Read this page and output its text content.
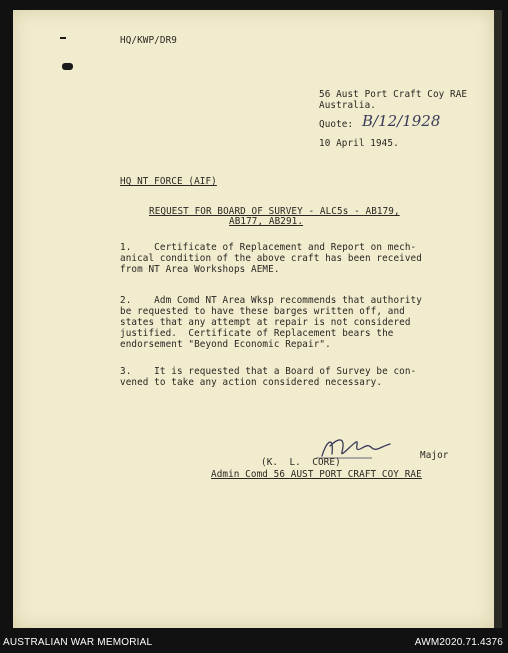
HQ/KWP/DR9
56 Aust Port Craft Coy RAE
Australia.
Quote: B/12/1928
10 April 1945.
HQ NT FORCE (AIF)
REQUEST FOR BOARD OF SURVEY - ALC5s - AB179,
AB177, AB291.
1.    Certificate of Replacement and Report on mech-
anical condition of the above craft has been received
from NT Area Workshops AEME.
2.    Adm Comd NT Area Wksp recommends that authority
be requested to have these barges written off, and
states that any attempt at repair is not considered
justified.  Certificate of Replacement bears the
endorsement "Beyond Economic Repair".
3.    It is requested that a Board of Survey be con-
vened to take any action considered necessary.
Major
(K.  L.  CORE)
Admin Comd 56 AUST PORT CRAFT COY RAE
AUSTRALIAN WAR MEMORIAL	AWM2020.71.4376
